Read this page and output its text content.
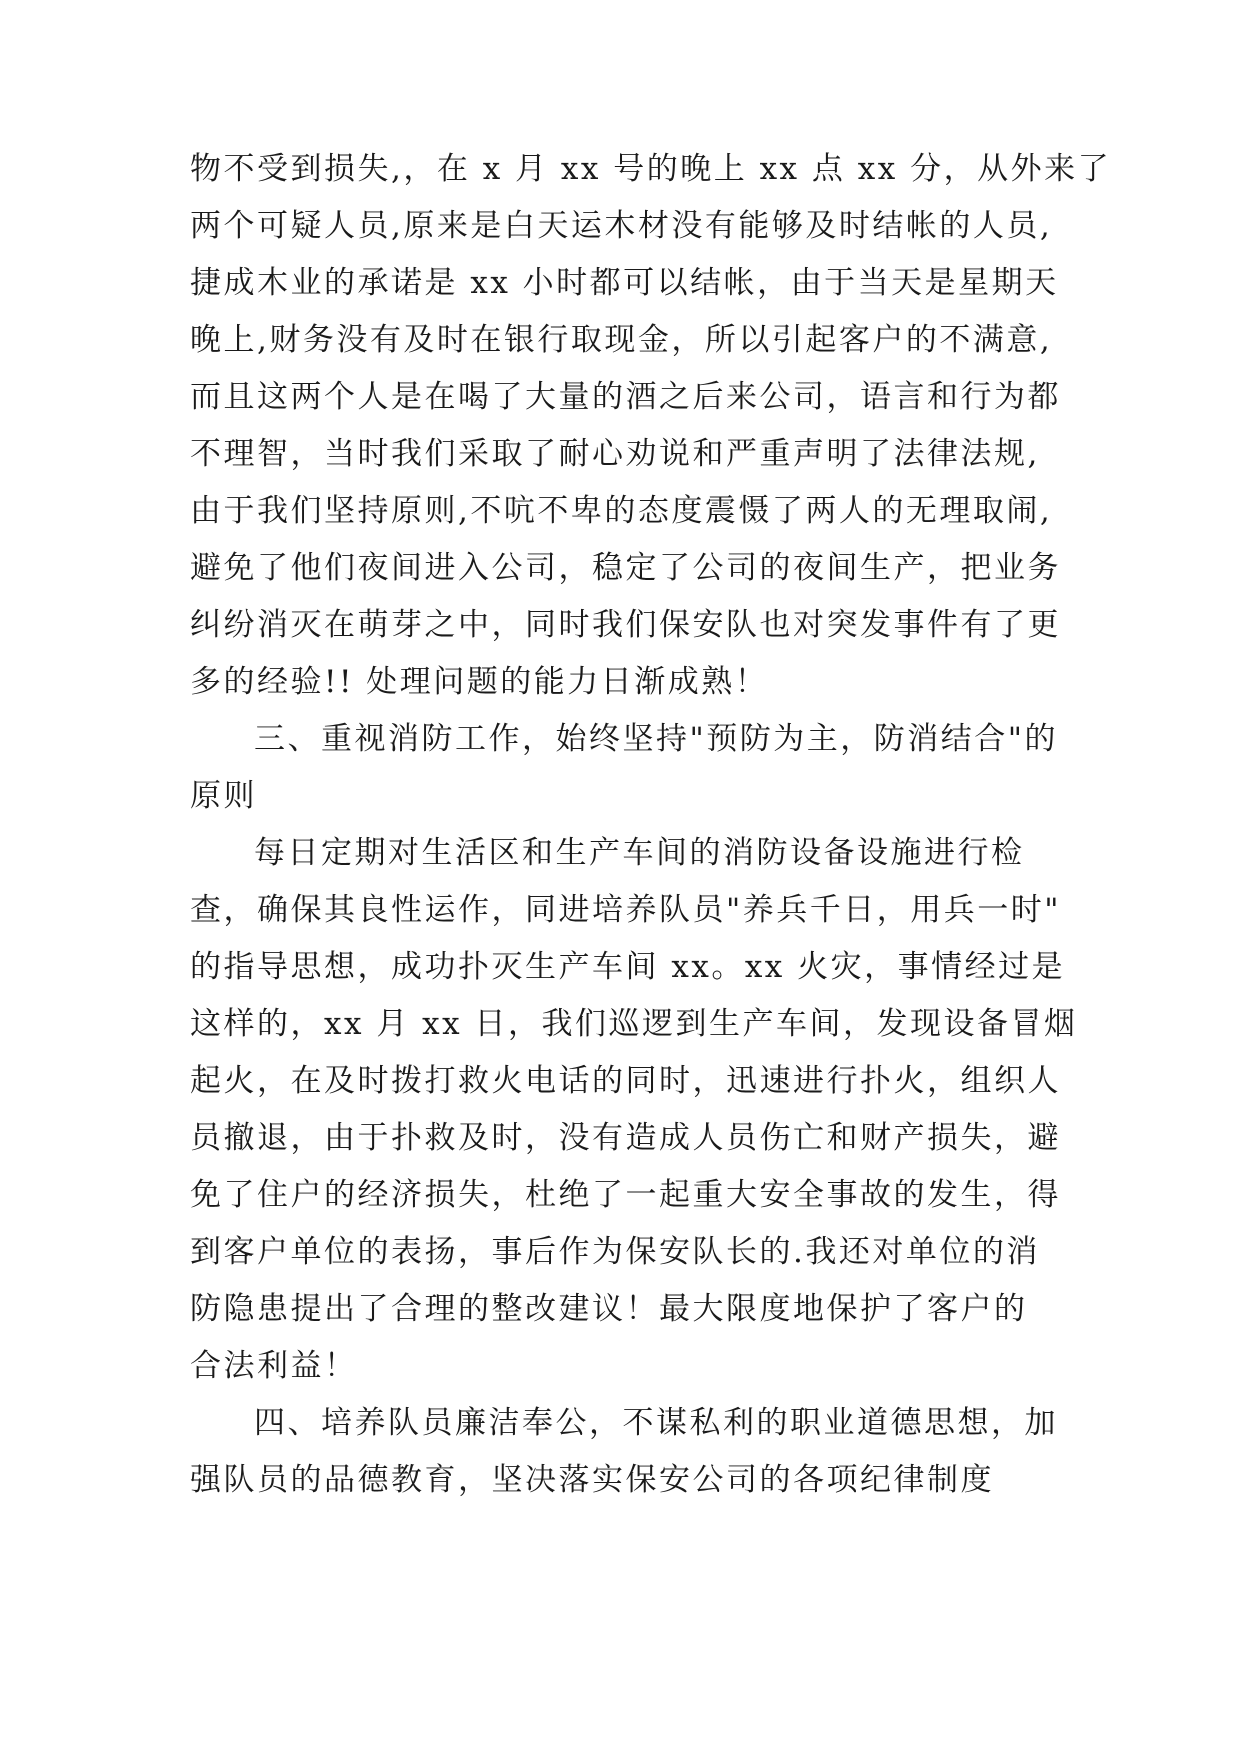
物不受到损失,，在 x 月 xx 号的晚上 xx 点 xx 分，从外来了
两个可疑人员,原来是白天运木材没有能够及时结帐的人员,
捷成木业的承诺是 xx 小时都可以结帐，由于当天是星期天
晚上,财务没有及时在银行取现金，所以引起客户的不满意,
而且这两个人是在喝了大量的酒之后来公司，语言和行为都
不理智，当时我们采取了耐心劝说和严重声明了法律法规,
由于我们坚持原则,不吭不卑的态度震慑了两人的无理取闹,
避免了他们夜间进入公司，稳定了公司的夜间生产，把业务
纠纷消灭在萌芽之中，同时我们保安队也对突发事件有了更
多的经验!! 处理问题的能力日渐成熟！
三、重视消防工作，始终坚持"预防为主，防消结合"的
原则
每日定期对生活区和生产车间的消防设备设施进行检
查，确保其良性运作，同进培养队员"养兵千日，用兵一时"
的指导思想，成功扑灭生产车间 xx。xx 火灾，事情经过是
这样的，xx 月 xx 日，我们巡逻到生产车间，发现设备冒烟
起火，在及时拨打救火电话的同时，迅速进行扑火，组织人
员撤退，由于扑救及时，没有造成人员伤亡和财产损失，避
免了住户的经济损失，杜绝了一起重大安全事故的发生，得
到客户单位的表扬，事后作为保安队长的.我还对单位的消
防隐患提出了合理的整改建议！最大限度地保护了客户的
合法利益！
四、培养队员廉洁奉公，不谋私利的职业道德思想，加
强队员的品德教育，坚决落实保安公司的各项纪律制度
